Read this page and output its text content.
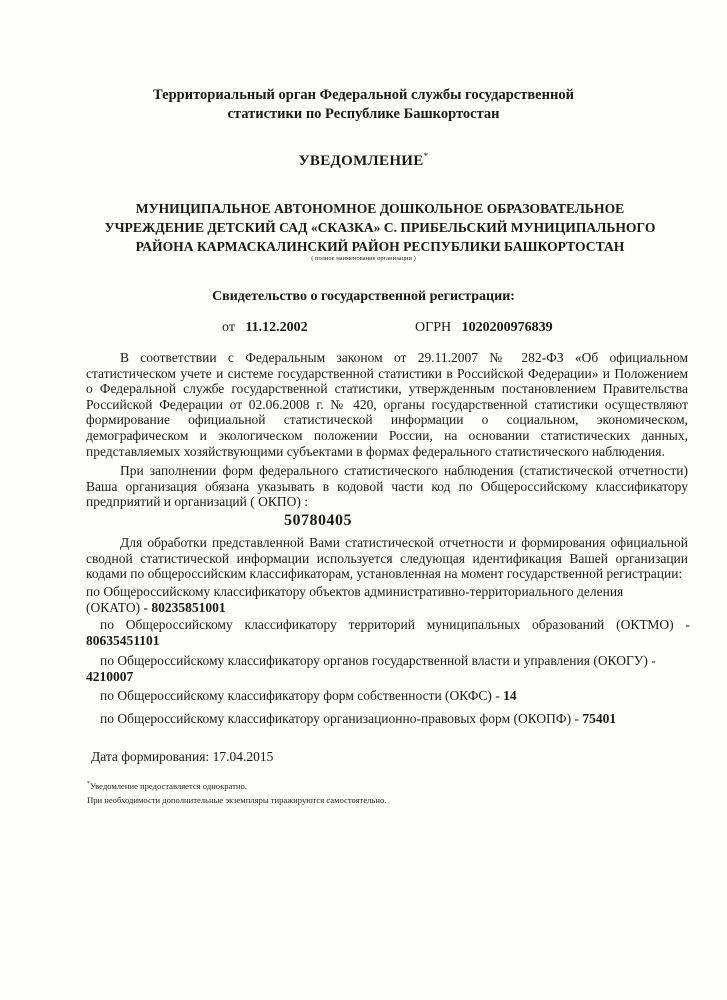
Территориальный орган Федеральной службы государственной
статистики по Республике Башкортостан
УВЕДОМЛЕНИЕ*
МУНИЦИПАЛЬНОЕ АВТОНОМНОЕ ДОШКОЛЬНОЕ ОБРАЗОВАТЕЛЬНОЕ
УЧРЕЖДЕНИЕ ДЕТСКИЙ САД «СКАЗКА» С. ПРИБЕЛЬСКИЙ МУНИЦИПАЛЬНОГО
РАЙОНА КАРМАСКАЛИНСКИЙ РАЙОН РЕСПУБЛИКИ БАШКОРТОСТАН
( полное наименование организации )
Свидетельство о государственной регистрации:
от 11.12.2002	ОГРН 1020200976839
В соответствии с Федеральным законом от 29.11.2007 № 282-ФЗ «Об официальном статистическом учете и системе государственной статистики в Российской Федерации» и Положением о Федеральной службе государственной статистики, утвержденным постановлением Правительства Российской Федерации от 02.06.2008 г. № 420, органы государственной статистики осуществляют формирование официальной статистической информации о социальном, экономическом, демографическом и экологическом положении России, на основании статистических данных, представляемых хозяйствующими субъектами в формах федерального статистического наблюдения.
При заполнении форм федерального статистического наблюдения (статистической отчетности) Ваша организация обязана указывать в кодовой части код по Общероссийскому классификатору предприятий и организаций ( ОКПО) :
50780405
Для обработки представленной Вами статистической отчетности и формирования официальной сводной статистической информации используется следующая идентификация Вашей организации кодами по общероссийским классификаторам, установленная на момент государственной регистрации:
по Общероссийскому классификатору объектов административно-территориального деления
(ОКАТО) - 80235851001
по Общероссийскому классификатору территорий муниципальных образований (ОКТМО) -
80635451101
по Общероссийскому классификатору органов государственной власти и управления (ОКОГУ) -
4210007
по Общероссийскому классификатору форм собственности (ОКФС) - 14
по Общероссийскому классификатору организационно-правовых форм (ОКОПФ) - 75401
Дата формирования: 17.04.2015
*Уведомление предоставляется однократно.
При необходимости дополнительные экземпляры тиражируются самостоятельно.
